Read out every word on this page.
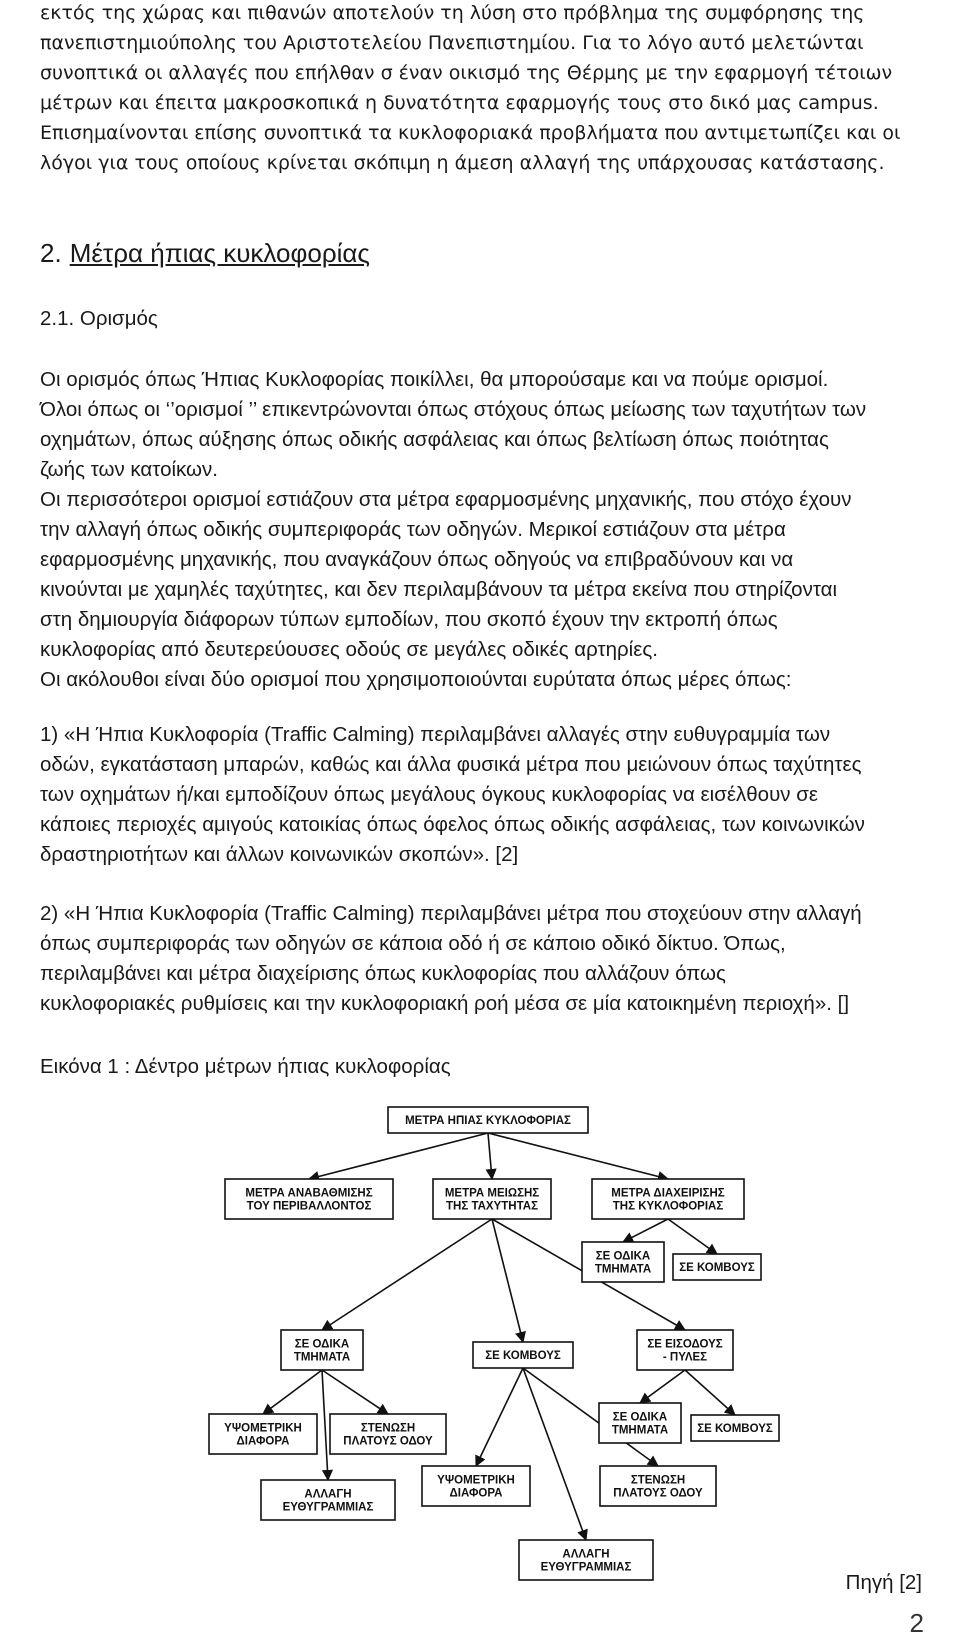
εκτός της χώρας και πιθανών αποτελούν τη λύση στο πρόβλημα της συμφόρησης της
πανεπιστημιούπολης του Αριστοτελείου Πανεπιστημίου. Για το λόγο αυτό μελετώνται
συνοπτικά οι αλλαγές που επήλθαν σ έναν οικισμό της Θέρμης με την εφαρμογή τέτοιων
μέτρων και έπειτα μακροσκοπικά η δυνατότητα εφαρμογής τους στο δικό μας campus.
Επισημαίνονται επίσης συνοπτικά τα κυκλοφοριακά προβλήματα που αντιμετωπίζει και οι
λόγοι για τους οποίους κρίνεται σκόπιμη η άμεση αλλαγή της υπάρχουσας κατάστασης.
2. Μέτρα ήπιας κυκλοφορίας
2.1. Ορισμός
Οι ορισμός όπως Ήπιας Κυκλοφορίας ποικίλλει, θα μπορούσαμε και να πούμε ορισμοί.
Όλοι όπως οι ‘’ορισμοί ’’ επικεντρώνονται όπως στόχους όπως μείωσης των ταχυτήτων των
οχημάτων, όπως αύξησης όπως οδικής ασφάλειας και όπως βελτίωση όπως ποιότητας
ζωής των κατοίκων.
Οι περισσότεροι ορισμοί εστιάζουν στα μέτρα εφαρμοσμένης μηχανικής, που στόχο έχουν
την αλλαγή όπως οδικής συμπεριφοράς των οδηγών. Μερικοί εστιάζουν στα μέτρα
εφαρμοσμένης μηχανικής, που αναγκάζουν όπως οδηγούς να επιβραδύνουν και να
κινούνται με χαμηλές ταχύτητες, και δεν περιλαμβάνουν τα μέτρα εκείνα που στηρίζονται
στη δημιουργία διάφορων τύπων εμποδίων, που σκοπό έχουν την εκτροπή όπως
κυκλοφορίας από δευτερεύουσες οδούς σε μεγάλες οδικές αρτηρίες.
Οι ακόλουθοι είναι δύο ορισμοί που χρησιμοποιούνται ευρύτατα όπως μέρες όπως:
1) «Η Ήπια Κυκλοφορία (Traffic Calming) περιλαμβάνει αλλαγές στην ευθυγραμμία των
οδών, εγκατάσταση μπαρών, καθώς και άλλα φυσικά μέτρα που μειώνουν όπως ταχύτητες
των οχημάτων ή/και εμποδίζουν όπως μεγάλους όγκους κυκλοφορίας να εισέλθουν σε
κάποιες περιοχές αμιγούς κατοικίας όπως όφελος όπως οδικής ασφάλειας, των κοινωνικών
δραστηριοτήτων και άλλων κοινωνικών σκοπών». [2]
2) «Η Ήπια Κυκλοφορία (Traffic Calming) περιλαμβάνει μέτρα που στοχεύουν στην αλλαγή
όπως συμπεριφοράς των οδηγών σε κάποια οδό ή σε κάποιο οδικό δίκτυο. Όπως,
περιλαμβάνει και μέτρα διαχείρισης όπως κυκλοφορίας που αλλάζουν όπως
κυκλοφοριακές ρυθμίσεις και την κυκλοφοριακή ροή μέσα σε μία κατοικημένη περιοχή». []
Εικόνα 1 : Δέντρο μέτρων ήπιας κυκλοφορίας
ΜΕΤΡΑ ΗΠΙΑΣ ΚΥΚΛΟΦΟΡΙΑΣ
ΜΕΤΡΑ ΑΝΑΒΑΘΜΙΣΗΣ
ΤΟΥ ΠΕΡΙΒΑΛΛΟΝΤΟΣ
ΜΕΤΡΑ ΜΕΙΩΣΗΣ
ΤΗΣ ΤΑΧΥΤΗΤΑΣ
ΜΕΤΡΑ ΔΙΑΧΕΙΡΙΣΗΣ
ΤΗΣ ΚΥΚΛΟΦΟΡΙΑΣ
ΣΕ ΟΔΙΚΑ
ΤΜΗΜΑΤΑ ΣΕ ΚΟΜΒΟΥΣ
ΣΕ ΟΔΙΚΑ
ΤΜΗΜΑΤΑ	ΣΕ ΚΟΜΒΟΥΣ
ΣΕ ΕΙΣΟΔΟΥΣ
- ΠΥΛΕΣ
ΥΨΟΜΕΤΡΙΚΗ
ΔΙΑΦΟΡΑ
ΣΤΕΝΩΣΗ
ΠΛΑΤΟΥΣ ΟΔΟΥ
ΑΛΛΑΓΗ
ΕΥΘΥΓΡΑΜΜΙΑΣ
ΥΨΟΜΕΤΡΙΚΗ
ΔΙΑΦΟΡΑ
ΣΤΕΝΩΣΗ
ΠΛΑΤΟΥΣ ΟΔΟΥ
ΑΛΛΑΓΗ
ΕΥΘΥΓΡΑΜΜΙΑΣ
ΣΕ ΟΔΙΚΑ
ΤΜΗΜΑΤΑ	ΣΕ ΚΟΜΒΟΥΣ
Πηγή [2]
2
